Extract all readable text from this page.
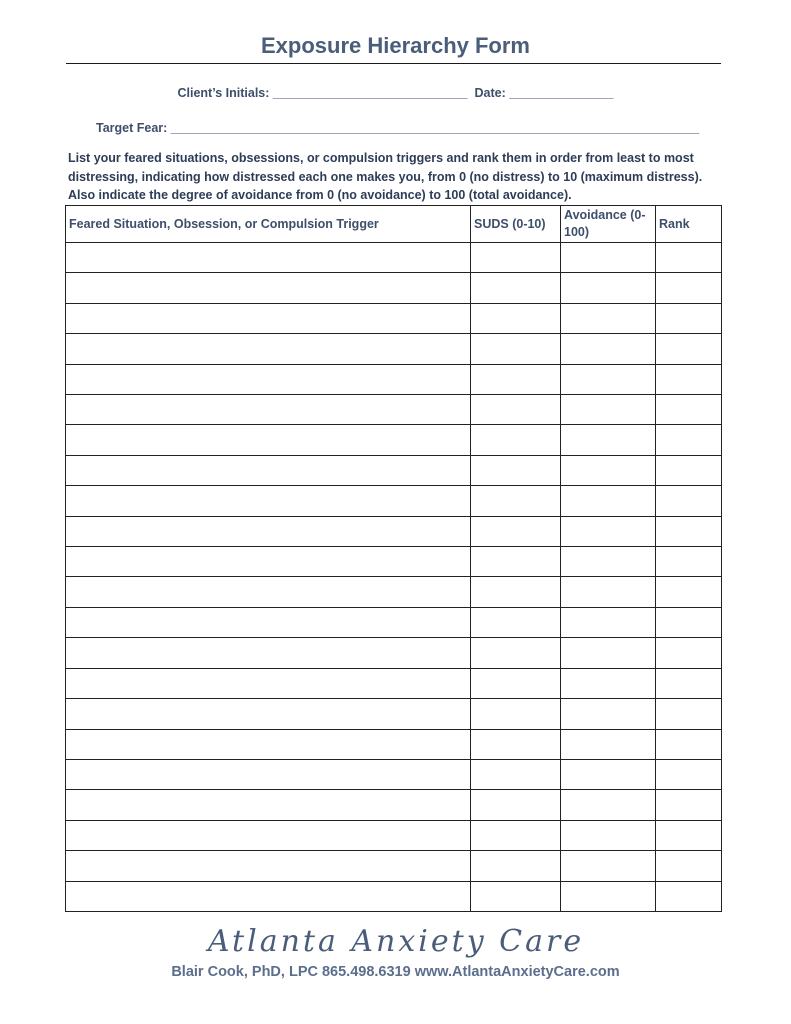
Exposure Hierarchy Form
Client’s Initials: ____________________________  Date: _______________
Target Fear: ____________________________________________________________________________
List your feared situations, obsessions, or compulsion triggers and rank them in order from least to most distressing, indicating how distressed each one makes you, from 0 (no distress) to 10 (maximum distress). Also indicate the degree of avoidance from 0 (no avoidance) to 100 (total avoidance).
Feared Situation, Obsession, or Compulsion Trigger	SUDS (0-10)	Avoidance (0-100)	Rank

Atlanta Anxiety Care
Blair Cook, PhD, LPC 865.498.6319 www.AtlantaAnxietyCare.com
